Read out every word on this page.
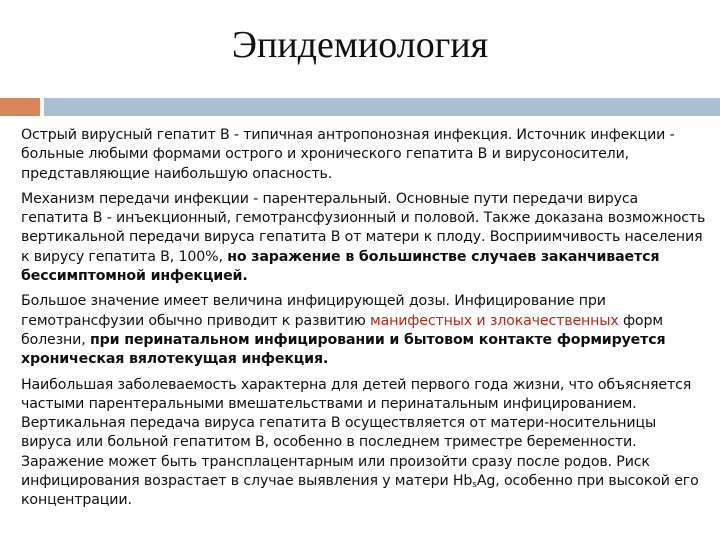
Эпидемиология

Острый вирусный гепатит В - типичная антропонозная инфекция. Источник инфекции - больные любыми формами острого и хронического гепатита В и вирусоносители, представляющие наибольшую опасность.

Механизм передачи инфекции - парентеральный. Основные пути передачи вируса гепатита В - инъекционный, гемотрансфузионный и половой. Также доказана возможность вертикальной передачи вируса гепатита В от матери к плоду. Восприимчивость населения к вирусу гепатита В, 100%, но заражение в большинстве случаев заканчивается бессимптомной инфекцией.

Большое значение имеет величина инфицирующей дозы. Инфицирование при гемотрансфузии обычно приводит к развитию манифестных и злокачественных форм болезни, при перинатальном инфицировании и бытовом контакте формируется хроническая вялотекущая инфекция.

Наибольшая заболеваемость характерна для детей первого года жизни, что объясняется частыми парентеральными вмешательствами и перинатальным инфицированием. Вертикальная передача вируса гепатита В осуществляется от матери-носительницы вируса или больной гепатитом В, особенно в последнем триместре беременности. Заражение может быть трансплацентарным или произойти сразу после родов. Риск инфицирования возрастает в случае выявления у матери $Hb_sAg$, особенно при высокой его концентрации.
